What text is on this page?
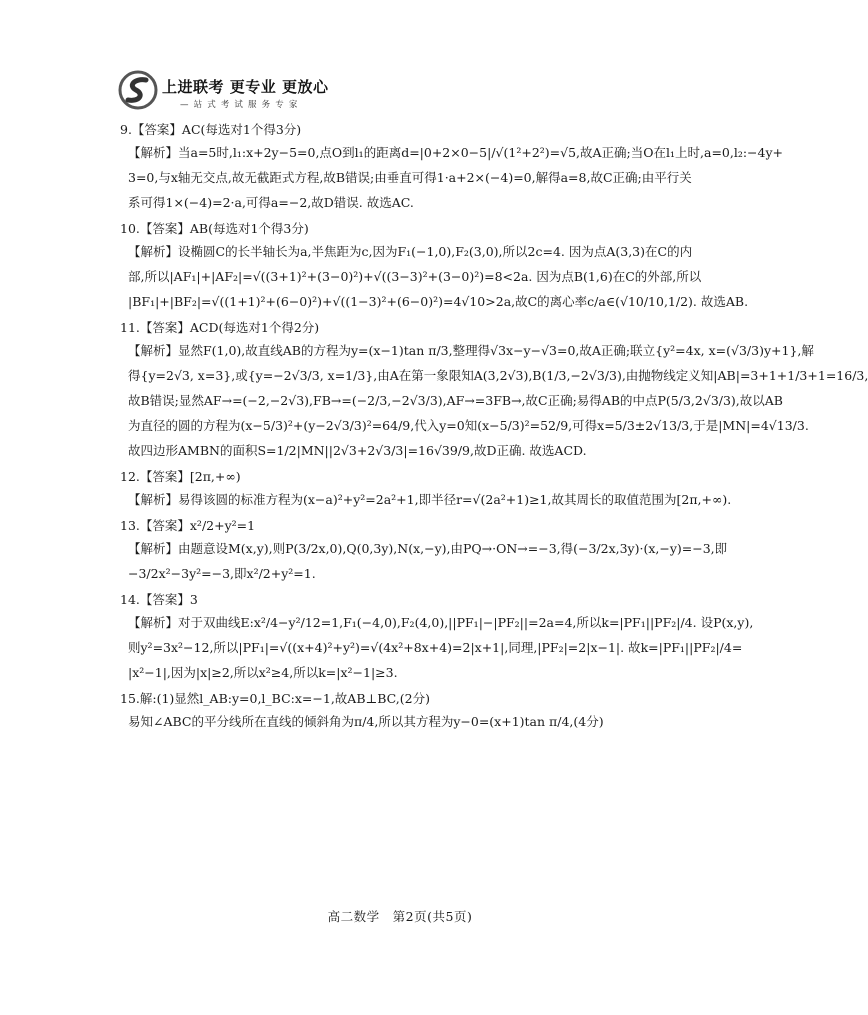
上进联考 更专业 更放心
— 站 式 考 试 服 务 专 家
9.【答案】AC(每选对1个得3分)
【解析】当a=5时,l₁:x+2y−5=0,点O到l₁的距离d=|0+2×0−5|/√(1²+2²)=√5,故A正确;当O在l₁上时,a=0,l₂:−4y+
3=0,与x轴无交点,故无截距式方程,故B错误;由垂直可得1·a+2×(−4)=0,解得a=8,故C正确;由平行关
系可得1×(−4)=2·a,可得a=−2,故D错误. 故选AC.
10.【答案】AB(每选对1个得3分)
【解析】设椭圆C的长半轴长为a,半焦距为c,因为F₁(−1,0),F₂(3,0),所以2c=4. 因为点A(3,3)在C的内
部,所以|AF₁|+|AF₂|=√((3+1)²+(3−0)²)+√((3−3)²+(3−0)²)=8<2a. 因为点B(1,6)在C的外部,所以
|BF₁|+|BF₂|=√((1+1)²+(6−0)²)+√((1−3)²+(6−0)²)=4√10>2a,故C的离心率c/a∈(√10/10,1/2). 故选AB.
11.【答案】ACD(每选对1个得2分)
【解析】显然F(1,0),故直线AB的方程为y=(x−1)tan π/3,整理得√3x−y−√3=0,故A正确;联立{y²=4x, x=(√3/3)y+1},解
得{y=2√3, x=3},或{y=−2√3/3, x=1/3},由A在第一象限知A(3,2√3),B(1/3,−2√3/3),由抛物线定义知|AB|=3+1+1/3+1=16/3,
故B错误;显然AF→=(−2,−2√3),FB→=(−2/3,−2√3/3),AF→=3FB→,故C正确;易得AB的中点P(5/3,2√3/3),故以AB
为直径的圆的方程为(x−5/3)²+(y−2√3/3)²=64/9,代入y=0知(x−5/3)²=52/9,可得x=5/3±2√13/3,于是|MN|=4√13/3.
故四边形AMBN的面积S=1/2|MN||2√3+2√3/3|=16√39/9,故D正确. 故选ACD.
12.【答案】[2π,+∞)
【解析】易得该圆的标准方程为(x−a)²+y²=2a²+1,即半径r=√(2a²+1)≥1,故其周长的取值范围为[2π,+∞).
13.【答案】x²/2+y²=1
【解析】由题意设M(x,y),则P(3/2x,0),Q(0,3y),N(x,−y),由PQ→·ON→=−3,得(−3/2x,3y)·(x,−y)=−3,即
−3/2x²−3y²=−3,即x²/2+y²=1.
14.【答案】3
【解析】对于双曲线E:x²/4−y²/12=1,F₁(−4,0),F₂(4,0),||PF₁|−|PF₂||=2a=4,所以k=|PF₁||PF₂|/4. 设P(x,y),
则y²=3x²−12,所以|PF₁|=√((x+4)²+y²)=√(4x²+8x+4)=2|x+1|,同理,|PF₂|=2|x−1|. 故k=|PF₁||PF₂|/4=
|x²−1|,因为|x|≥2,所以x²≥4,所以k=|x²−1|≥3.
15.解:(1)显然l_AB:y=0,l_BC:x=−1,故AB⊥BC,(2分)
易知∠ABC的平分线所在直线的倾斜角为π/4,所以其方程为y−0=(x+1)tan π/4,(4分)
高二数学　第2页(共5页)
